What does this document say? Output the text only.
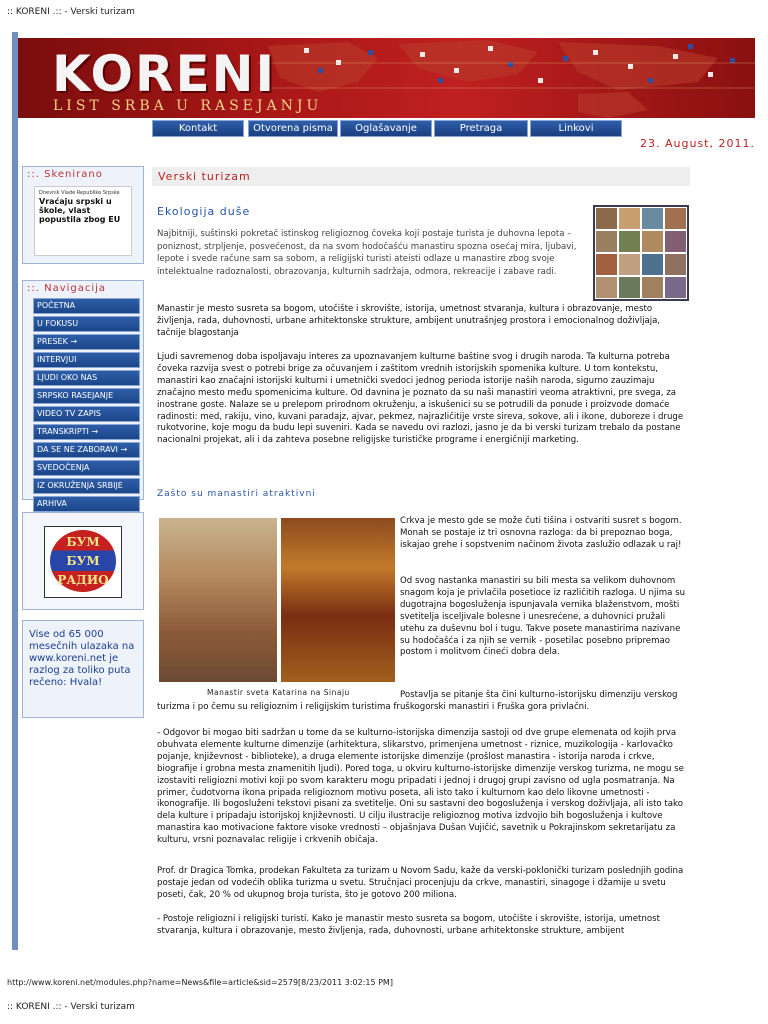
:: KORENI .:: - Verski turizam
KORENI
LIST SRBA U RASEJANJU
Kontakt	Otvorena pisma	Oglašavanje	Pretraga	Linkovi
23. August, 2011.
::. Skenirano
Dnevnik Vlade Republike Srpske
Vraćaju srpski u škole, vlast popustila zbog EU
::. Navigacija
POČETNA
U FOKUSU
PRESEK →
INTERVJUI
LJUDI OKO NAS
SRPSKO RASEJANJE
VIDEO TV ZAPIS
TRANSKRIPTI →
DA SE NE ZABORAVI →
SVEDOČENJA
IZ OKRUŽENJA SRBIJE
ARHIVA
БУМ
БУМ
РАДИО
Vise od 65 000
mesečnih ulazaka na www.koreni.net je razlog za toliko puta rečeno: Hvala!
Verski turizam
Ekologija duše
Najbitniji, suštinski pokretač istinskog religioznog čoveka koji postaje turista je duhovna lepota – poniznost, strpljenje, posvećenost, da na svom hodočašću manastiru spozna osećaj mira, ljubavi, lepote i svede račune sam sa sobom, a religijski turisti ateisti odlaze u manastire zbog svoje intelektualne radoznalosti, obrazovanja, kulturnih sadržaja, odmora, rekreacije i zabave radi.
Manastir je mesto susreta sa bogom, utočište i skrovište, istorija, umetnost stvaranja, kultura i obrazovanje, mesto življenja, rada, duhovnosti, urbane arhitektonske strukture, ambijent unutrašnjeg prostora i emocionalnog doživljaja, tačnije blagostanja
Ljudi savremenog doba ispoljavaju interes za upoznavanjem kulturne baštine svog i drugih naroda. Ta kulturna potreba čoveka razvija svest o potrebi brige za očuvanjem i zaštitom vrednih istorijskih spomenika kulture. U tom kontekstu, manastiri kao značajni istorijski kulturni i umetnički svedoci jednog perioda istorije naših naroda, sigurno zauzimaju značajno mesto među spomenicima kulture. Od davnina je poznato da su naši manastiri veoma atraktivni, pre svega, za inostrane goste. Nalaze se u prelepom prirodnom okruženju, a iskušenici su se potrudili da ponude i proizvode domaće radinosti: med, rakiju, vino, kuvani paradajz, ajvar, pekmez, najrazličitije vrste sireva, sokove, ali i ikone, duboreze i druge rukotvorine, koje mogu da budu lepi suveniri. Kada se navedu ovi razlozi, jasno je da bi verski turizam trebalo da postane nacionalni projekat, ali i da zahteva posebne religijske turističke programe i energičniji marketing.
Zašto su manastiri atraktivni
Manastir sveta Katarina na Sinaju
Crkva je mesto gde se može čuti tišina i ostvariti susret s bogom. Monah se postaje iz tri osnovna razloga: da bi prepoznao boga, iskajao grehe i sopstvenim načinom života zaslužio odlazak u raj!
Od svog nastanka manastiri su bili mesta sa velikom duhovnom snagom koja je privlačila posetioce iz različitih razloga. U njima su dugotrajna bogosluženja ispunjavala vernika blaženstvom, mošti svetitelja isceljivale bolesne i unesrećene, a duhovnici pružali utehu za duševnu bol i tugu. Takve posete manastirima nazivane su hodočašća i za njih se vernik - posetilac posebno pripremao postom i molitvom čineći dobra dela.
Postavlja se pitanje šta čini kulturno-istorijsku dimenziju verskog turizma i po čemu su religioznim i religijskim turistima fruškogorski manastiri i Fruška gora privlačni.
- Odgovor bi mogao biti sadržan u tome da se kulturno-istorijska dimenzija sastoji od dve grupe elemenata od kojih prva obuhvata elemente kulturne dimenzije (arhitektura, slikarstvo, primenjena umetnost - riznice, muzikologija - karlovačko pojanje, književnost - biblioteke), a druga elemente istorijske dimenzije (prošlost manastira - istorija naroda i crkve, biografije i grobna mesta znamenitih ljudi). Pored toga, u okviru kulturno-istorijske dimenzije verskog turizma, ne mogu se izostaviti religiozni motivi koji po svom karakteru mogu pripadati i jednoj i drugoj grupi zavisno od ugla posmatranja. Na primer, čudotvorna ikona pripada religioznom motivu poseta, ali isto tako i kulturnom kao delo likovne umetnosti - ikonografije. Ili bogosluženi tekstovi pisani za svetitelje. Oni su sastavni deo bogosluženja i verskog doživljaja, ali isto tako dela kulture i pripadaju istorijskoj književnosti. U cilju ilustracije religioznog motiva izdvojio bih bogosluženja i kultove manastira kao motivacione faktore visoke vrednosti – objašnjava Dušan Vujičić, savetnik u Pokrajinskom sekretarijatu za kulturu, vrsni poznavalac religije i crkvenih običaja.
Prof. dr Dragica Tomka, prodekan Fakulteta za turizam u Novom Sadu, kaže da verski-poklonički turizam poslednjih godina postaje jedan od vodećih oblika turizma u svetu. Stručnjaci procenjuju da crkve, manastiri, sinagoge i džamije u svetu poseti, čak, 20 % od ukupnog broja turista, što je gotovo 200 miliona.
- Postoje religiozni i religijski turisti. Kako je manastir mesto susreta sa bogom, utočište i skrovište, istorija, umetnost stvaranja, kultura i obrazovanje, mesto življenja, rada, duhovnosti, urbane arhitektonske strukture, ambijent
http://www.koreni.net/modules.php?name=News&file=article&sid=2579[8/23/2011 3:02:15 PM]
:: KORENI .:: - Verski turizam
